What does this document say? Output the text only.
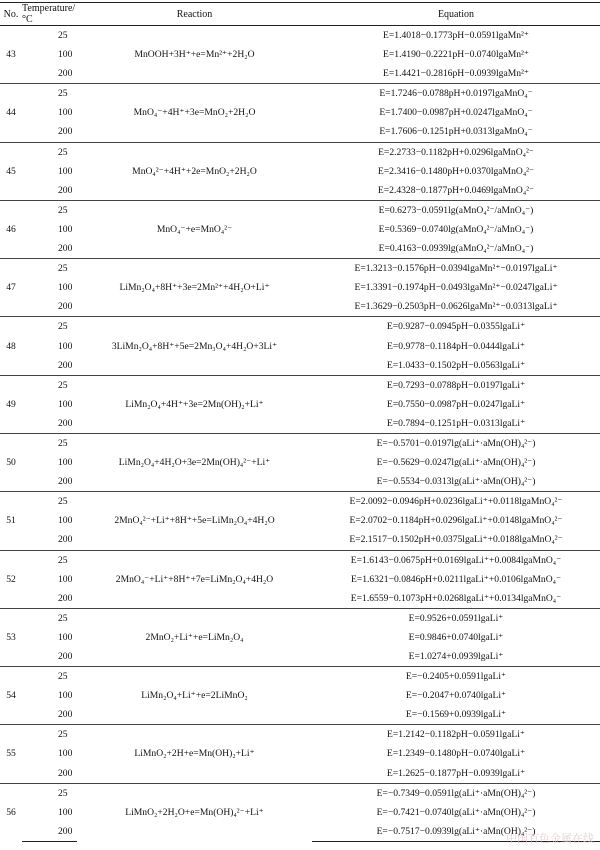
No.	Temperature/°C	Reaction	Equation
43	25	MnOOH+3H⁺+e=Mn²⁺+2H₂O	E=1.4018−0.1773pH−0.0591lgaMn²⁺
	100		E=1.4190−0.2221pH−0.0740lgaMn²⁺
	200		E=1.4421−0.2816pH−0.0939lgaMn²⁺
44	25	MnO₄⁻+4H⁺+3e=MnO₂+2H₂O	E=1.7246−0.0788pH+0.0197lgaMnO₄⁻
	100		E=1.7400−0.0987pH+0.0247lgaMnO₄⁻
	200		E=1.7606−0.1251pH+0.0313lgaMnO₄⁻
45	25	MnO₄²⁻+4H⁺+2e=MnO₂+2H₂O	E=2.2733−0.1182pH+0.0296lgaMnO₄²⁻
	100		E=2.3416−0.1480pH+0.0370lgaMnO₄²⁻
	200		E=2.4328−0.1877pH+0.0469lgaMnO₄²⁻
46	25	MnO₄⁻+e=MnO₄²⁻	E=0.6273−0.0591lg(aMnO₄²⁻/aMnO₄⁻)
	100		E=0.5369−0.0740lg(aMnO₄²⁻/aMnO₄⁻)
	200		E=0.4163−0.0939lg(aMnO₄²⁻/aMnO₄⁻)
47	25	LiMn₂O₄+8H⁺+3e=2Mn²⁺+4H₂O+Li⁺	E=1.3213−0.1576pH−0.0394lgaMn²⁺−0.0197lgaLi⁺
	100		E=1.3391−0.1974pH−0.0493lgaMn²⁺−0.0247lgaLi⁺
	200		E=1.3629−0.2503pH−0.0626lgaMn²⁺−0.0313lgaLi⁺
48	25	3LiMn₂O₄+8H⁺+5e=2Mn₃O₄+4H₂O+3Li⁺	E=0.9287−0.0945pH−0.0355lgaLi⁺
	100		E=0.9778−0.1184pH−0.0444lgaLi⁺
	200		E=1.0433−0.1502pH−0.0563lgaLi⁺
49	25	LiMn₂O₄+4H⁺+3e=2Mn(OH)₂+Li⁺	E=0.7293−0.0788pH−0.0197lgaLi⁺
	100		E=0.7550−0.0987pH−0.0247lgaLi⁺
	200		E=0.7894−0.1251pH−0.0313lgaLi⁺
50	25	LiMn₂O₄+4H₂O+3e=2Mn(OH)₄²⁻+Li⁺	E=−0.5701−0.0197lg(aLi⁺·aMn(OH)₄²⁻)
	100		E=−0.5629−0.0247lg(aLi⁺·aMn(OH)₄²⁻)
	200		E=−0.5534−0.0313lg(aLi⁺·aMn(OH)₄²⁻)
51	25	2MnO₄²⁻+Li⁺+8H⁺+5e=LiMn₂O₄+4H₂O	E=2.0092−0.0946pH+0.0236lgaLi⁺+0.0118lgaMnO₄²⁻
	100		E=2.0702−0.1184pH+0.0296lgaLi⁺+0.0148lgaMnO₄²⁻
	200		E=2.1517−0.1502pH+0.0375lgaLi⁺+0.0188lgaMnO₄²⁻
52	25	2MnO₄⁻+Li⁺+8H⁺+7e=LiMn₂O₄+4H₂O	E=1.6143−0.0675pH+0.0169lgaLi⁺+0.0084lgaMnO₄⁻
	100		E=1.6321−0.0846pH+0.0211lgaLi⁺+0.0106lgaMnO₄⁻
	200		E=1.6559−0.1073pH+0.0268lgaLi⁺+0.0134lgaMnO₄⁻
53	25	2MnO₂+Li⁺+e=LiMn₂O₄	E=0.9526+0.0591lgaLi⁺
	100		E=0.9846+0.0740lgaLi⁺
	200		E=1.0274+0.0939lgaLi⁺
54	25	LiMn₂O₄+Li⁺+e=2LiMnO₂	E=−0.2405+0.0591lgaLi⁺
	100		E=−0.2047+0.0740lgaLi⁺
	200		E=−0.1569+0.0939lgaLi⁺
55	25	LiMnO₂+2H+e=Mn(OH)₂+Li⁺	E=1.2142−0.1182pH−0.0591lgaLi⁺
	100		E=1.2349−0.1480pH−0.0740lgaLi⁺
	200		E=1.2625−0.1877pH−0.0939lgaLi⁺
56	25	LiMnO₂+2H₂O+e=Mn(OH)₄²⁻+Li⁺	E=−0.7349−0.0591lg(aLi⁺·aMn(OH)₄²⁻)
	100		E=−0.7421−0.0740lg(aLi⁺·aMn(OH)₄²⁻)
	200		E=−0.7517−0.0939lg(aLi⁺·aMn(OH)₄²⁻)
中国有色金属在线
